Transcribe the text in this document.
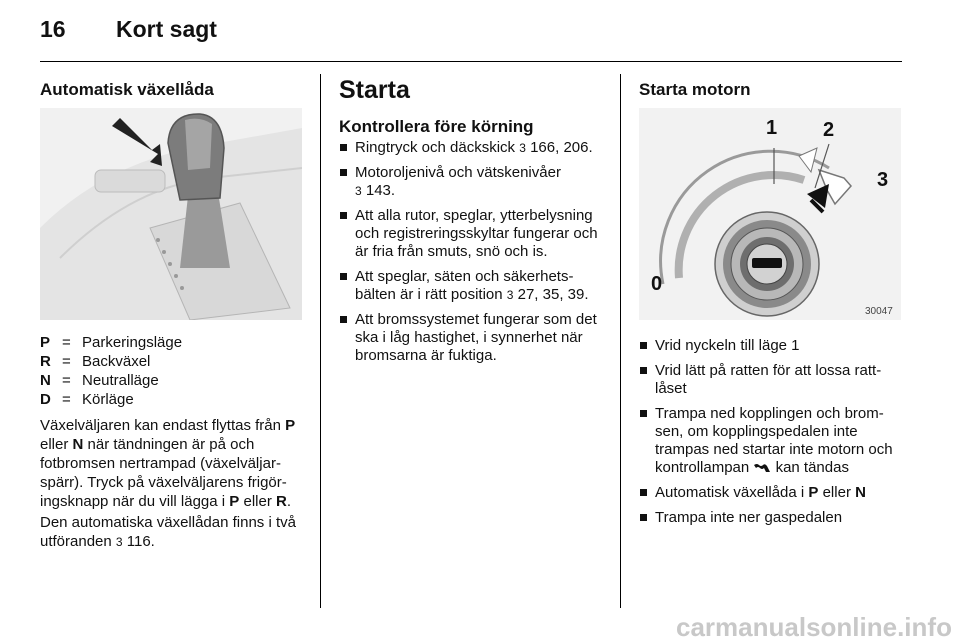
16 Kort sagt
Automatisk växellåda
P = Parkeringsläge
R = Backväxel
N = Neutralläge
D = Körläge

Växelväljaren kan endast flyttas från P eller N när tändningen är på och fotbromsen nertrampad (växelväljarspärr). Tryck på växelväljarens frigöringsknapp när du vill lägga i P eller R.

Den automatiska växellådan finns i två utföranden 3 116.

Starta
Kontrollera före körning
Ringtryck och däckskick 3 166, 206.
Motoroljenivå och vätskenivåer
3 143.
Att alla rutor, speglar, ytterbelysning och registreringsskyltar fungerar och är fria från smuts, snö och is.
Att speglar, säten och säkerhetsbälten är i rätt position 3 27, 35, 39.
Att bromssystemet fungerar som det ska i låg hastighet, i synnerhet när bromsarna är fuktiga.
Starta motorn
0
1 2
3
30047
Vrid nyckeln till läge 1
Vrid lätt på ratten för att lossa rattlåset
Trampa ned kopplingen och bromsen, om kopplingspedalen inte trampas ned startar inte motorn och kontrollampan kan tändas
Automatisk växellåda i P eller N
Trampa inte ner gaspedalen
carmanualsonline.info
